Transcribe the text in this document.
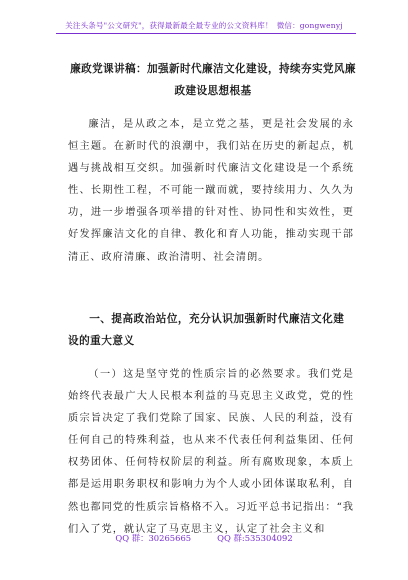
关注头条号"公文研究"，获得最新最全最专业的公文资料库！ 微信：gongwenyj
廉政党课讲稿：加强新时代廉洁文化建设，持续夯实党风廉政建设思想根基

廉洁，是从政之本，是立党之基，更是社会发展的永恒主题。在新时代的浪潮中，我们站在历史的新起点，机遇与挑战相互交织。加强新时代廉洁文化建设是一个系统性、长期性工程，不可能一蹴而就，要持续用力、久久为功，进一步增强各项举措的针对性、协同性和实效性，更好发挥廉洁文化的自律、教化和育人功能，推动实现干部清正、政府清廉、政治清明、社会清朗。

一、提高政治站位，充分认识加强新时代廉洁文化建设的重大意义

（一）这是坚守党的性质宗旨的必然要求。我们党是始终代表最广大人民根本利益的马克思主义政党，党的性质宗旨决定了我们党除了国家、民族、人民的利益，没有任何自己的特殊利益，也从来不代表任何利益集团、任何权势团体、任何特权阶层的利益。所有腐败现象，本质上都是运用职务职权和影响力为个人或小团体谋取私利，自然也都同党的性质宗旨格格不入。习近平总书记指出：“我们入了党，就认定了马克思主义，认定了社会主义和

QQ 群：30265665	QQ 群:535304092
